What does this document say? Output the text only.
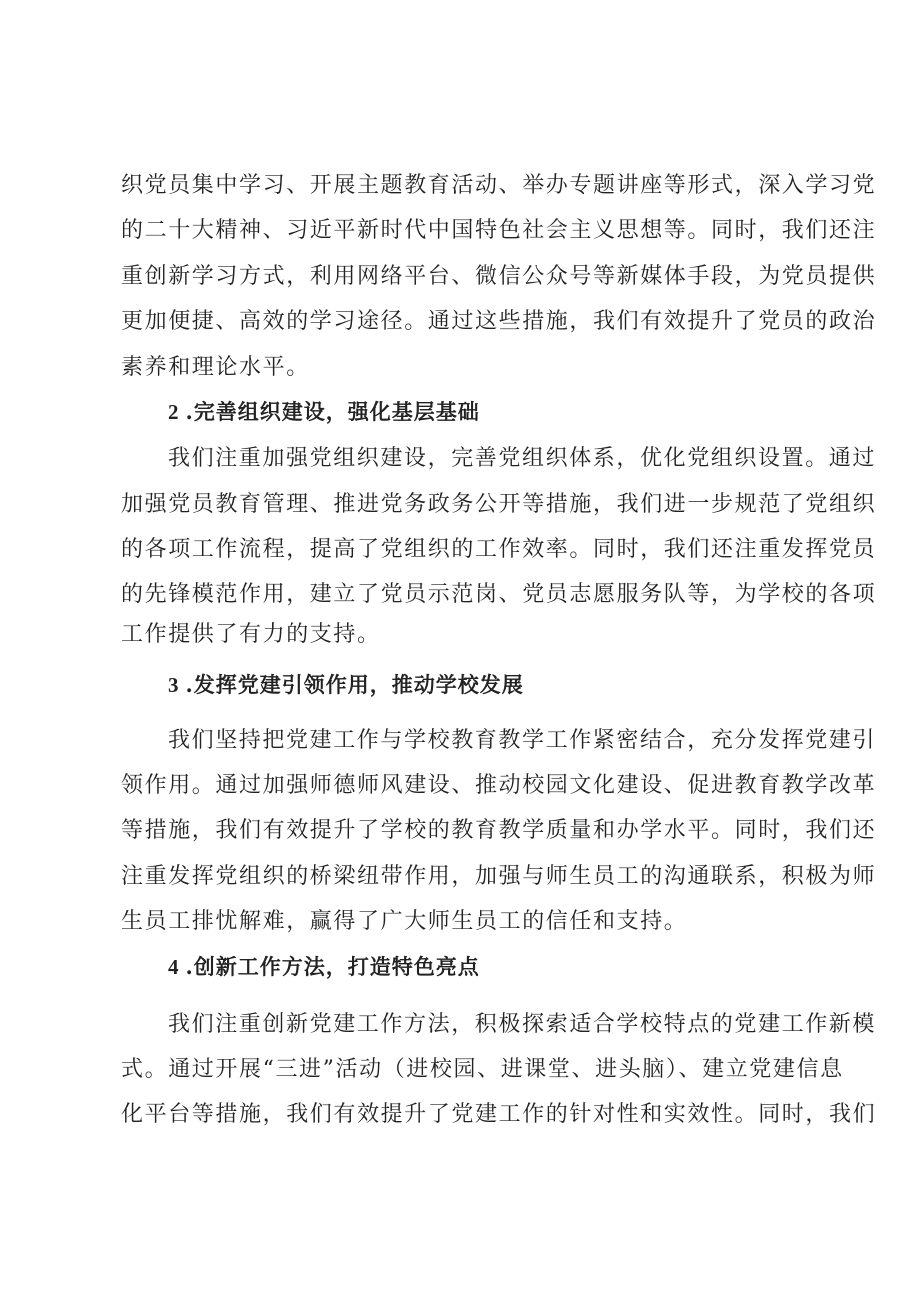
织党员集中学习、开展主题教育活动、举办专题讲座等形式，深入学习党
的二十大精神、习近平新时代中国特色社会主义思想等。同时，我们还注
重创新学习方式，利用网络平台、微信公众号等新媒体手段，为党员提供
更加便捷、高效的学习途径。通过这些措施，我们有效提升了党员的政治
素养和理论水平。
2 .完善组织建设，强化基层基础
我们注重加强党组织建设，完善党组织体系，优化党组织设置。通过
加强党员教育管理、推进党务政务公开等措施，我们进一步规范了党组织
的各项工作流程，提高了党组织的工作效率。同时，我们还注重发挥党员
的先锋模范作用，建立了党员示范岗、党员志愿服务队等，为学校的各项
工作提供了有力的支持。
3 .发挥党建引领作用，推动学校发展
我们坚持把党建工作与学校教育教学工作紧密结合，充分发挥党建引
领作用。通过加强师德师风建设、推动校园文化建设、促进教育教学改革
等措施，我们有效提升了学校的教育教学质量和办学水平。同时，我们还
注重发挥党组织的桥梁纽带作用，加强与师生员工的沟通联系，积极为师
生员工排忧解难，赢得了广大师生员工的信任和支持。
4 .创新工作方法，打造特色亮点
我们注重创新党建工作方法，积极探索适合学校特点的党建工作新模
式。通过开展“三进”活动（进校园、进课堂、进头脑）、建立党建信息
化平台等措施，我们有效提升了党建工作的针对性和实效性。同时，我们
